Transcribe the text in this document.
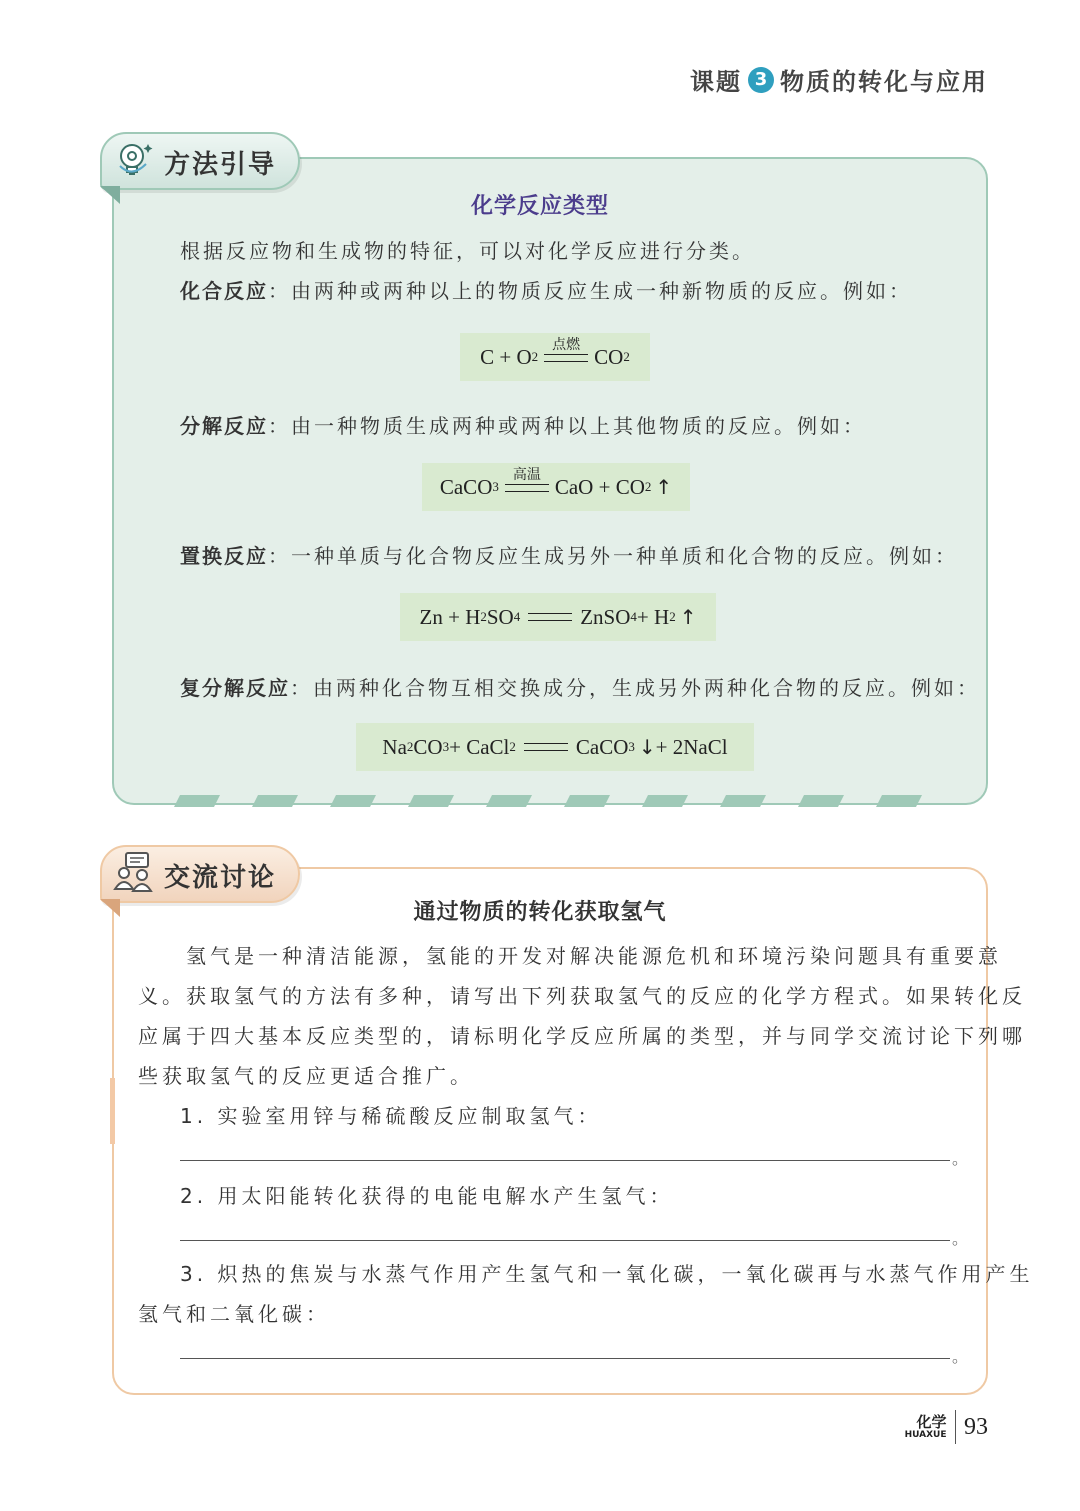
课题 3 物质的转化与应用
方法引导
化学反应类型
根据反应物和生成物的特征，可以对化学反应进行分类。
化合反应：由两种或两种以上的物质反应生成一种新物质的反应。例如：
C + O 2
点燃 CO 2
分解反应：由一种物质生成两种或两种以上其他物质的反应。例如：
CaCO 3
高温 CaO + CO 2 ↑
置换反应：一种单质与化合物反应生成另外一种单质和化合物的反应。例如：
Zn + H 2 SO 4	ZnSO 4 + H 2 ↑
复分解反应：由两种化合物互相交换成分，生成另外两种化合物的反应。例如：
Na 2 CO 3 + CaCl 2	CaCO 3 ↓ + 2NaCl
交流讨论
通过物质的转化获取氢气
　　氢气是一种清洁能源，氢能的开发对解决能源危机和环境污染问题具有重要意
义。获取氢气的方法有多种，请写出下列获取氢气的反应的化学方程式。如果转化反
应属于四大基本反应类型的，请标明化学反应所属的类型，并与同学交流讨论下列哪
些获取氢气的反应更适合推广。
1. 实验室用锌与稀硫酸反应制取氢气：
。
2. 用太阳能转化获得的电能电解水产生氢气：
。
3. 炽热的焦炭与水蒸气作用产生氢气和一氧化碳，一氧化碳再与水蒸气作用产生
氢气和二氧化碳：
。
化学
HUAXUE 93
